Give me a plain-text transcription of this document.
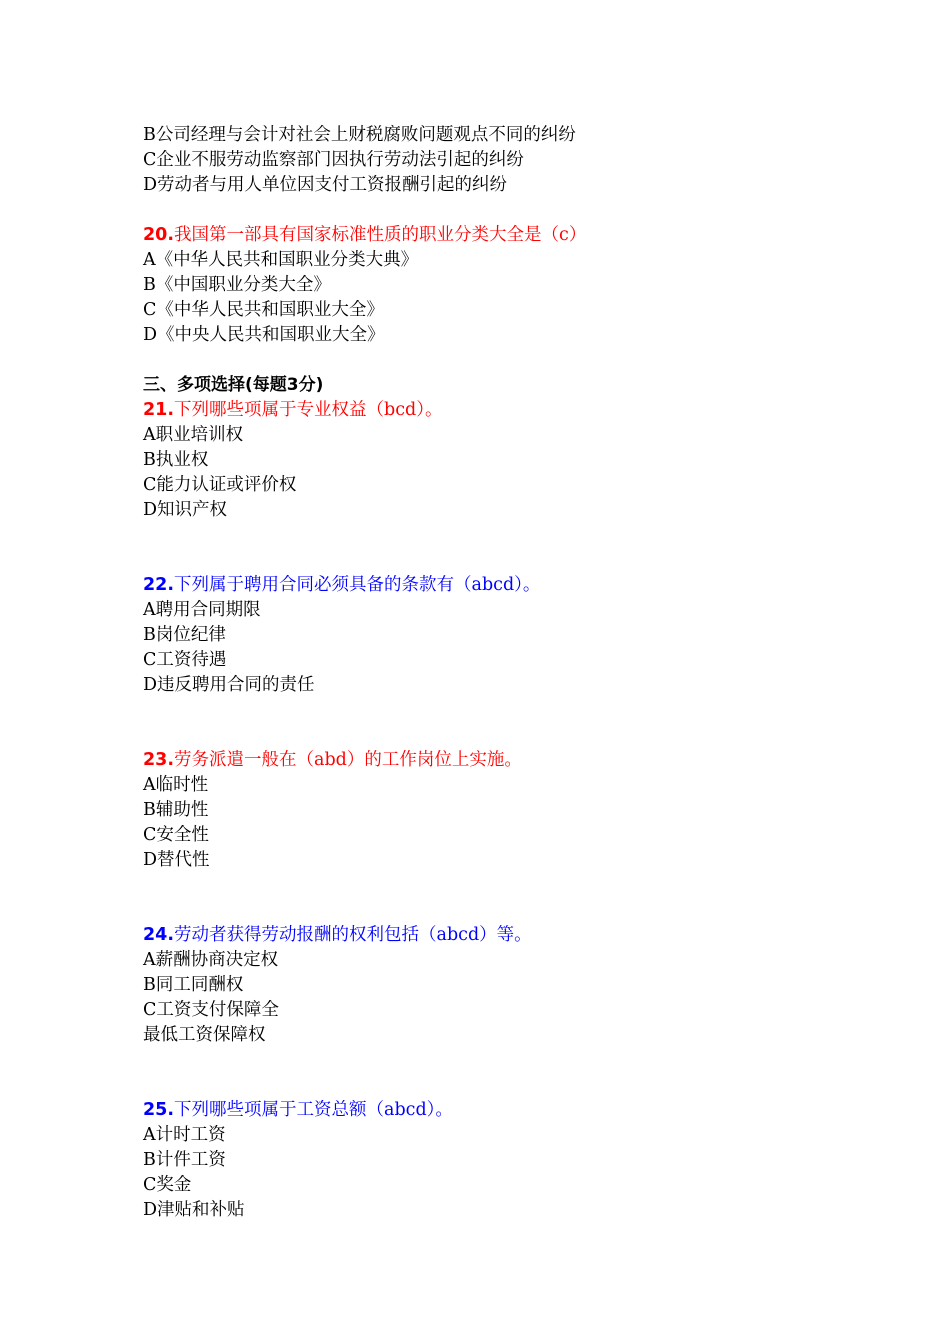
B公司经理与会计对社会上财税腐败问题观点不同的纠纷
C企业不服劳动监察部门因执行劳动法引起的纠纷
D劳动者与用人单位因支付工资报酬引起的纠纷
20.我国第一部具有国家标准性质的职业分类大全是（c）
A《中华人民共和国职业分类大典》
B《中国职业分类大全》
C《中华人民共和国职业大全》
D《中央人民共和国职业大全》
三、多项选择(每题3分)
21.下列哪些项属于专业权益（bcd）。
A职业培训权
B执业权
C能力认证或评价权
D知识产权
22.下列属于聘用合同必须具备的条款有（abcd）。
A聘用合同期限
B岗位纪律
C工资待遇
D违反聘用合同的责任
23.劳务派遣一般在（abd）的工作岗位上实施。
A临时性
B辅助性
C安全性
D替代性
24.劳动者获得劳动报酬的权利包括（abcd）等。
A薪酬协商决定权
B同工同酬权
C工资支付保障全
最低工资保障权
25.下列哪些项属于工资总额（abcd）。
A计时工资
B计件工资
C奖金
D津贴和补贴
